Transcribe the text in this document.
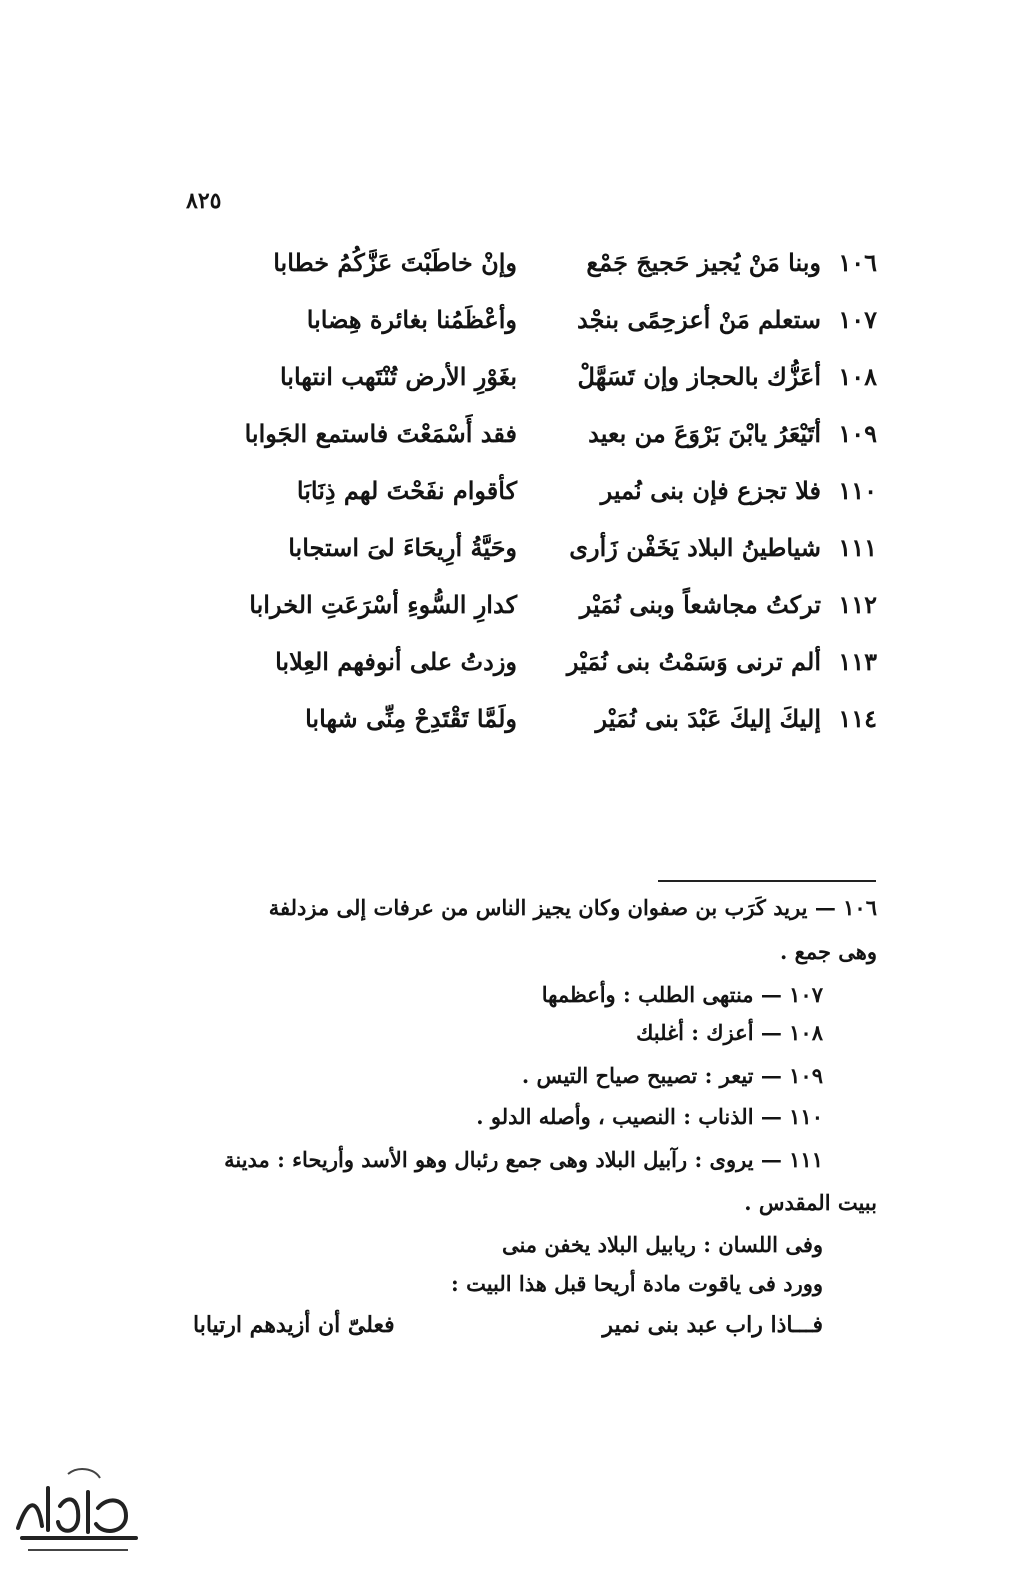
٨٢٥
١٠٦
وبنا مَنْ يُجيز حَجيجَ جَمْع
وإنْ خاطَبْتَ عَزَّكُمُ خطابا
١٠٧
ستعلم مَنْ أعزحِمًى بنجْد
وأعْظَمُنا بغائرة هِضابا
١٠٨
أعَزُّك بالحجاز وإن تَسَهَّلْ
بغَوْرِ الأرض تُنْتَهب انتهابا
١٠٩
أتَيْعَرُ يابْنَ بَرْوَعَ من بعيد
فقد أَسْمَعْتَ فاستمع الجَوابا
١١٠
فلا تجزع فإن بنى نُمير
كأقوام نفَحْتَ لهم ذِنَابَا
١١١
شياطينُ البلاد يَخَفْن زَأرى
وحَيَّةُ أرِيحَاءَ لىَ استجابا
١١٢
تركتُ مجاشعاً وبنى نُمَيْر
كدارِ السُّوءِ أسْرَعَتِ الخرابا
١١٣
ألم ترنى وَسَمْتُ بنى نُمَيْر
وزدتُ على أنوفهم العِلابا
١١٤
إليكَ إليكَ عَبْدَ بنى نُمَيْر
ولَمَّا تَقْتَدِحْ مِنِّى شهابا
١٠٦ — يريد كَرَب بن صفوان وكان يجيز الناس من عرفات إلى مزدلفة
وهى جمع .
١٠٧ — منتهى الطلب : وأعظمها
١٠٨ — أعزك : أغلبك
١٠٩ — تيعر : تصيبح صياح التيس .
١١٠ — الذناب : النصيب ، وأصله الدلو .
١١١ — يروى : رآبيل البلاد وهى جمع رئبال وهو الأسد وأريحاء : مدينة
ببيت المقدس .
وفى اللسان : ريابيل البلاد يخفن منى
وورد فى ياقوت مادة أريحا قبل هذا البيت :
فـــاذا راب عبد بنى نمير
فعلىّ أن أزيدهم ارتيابا
